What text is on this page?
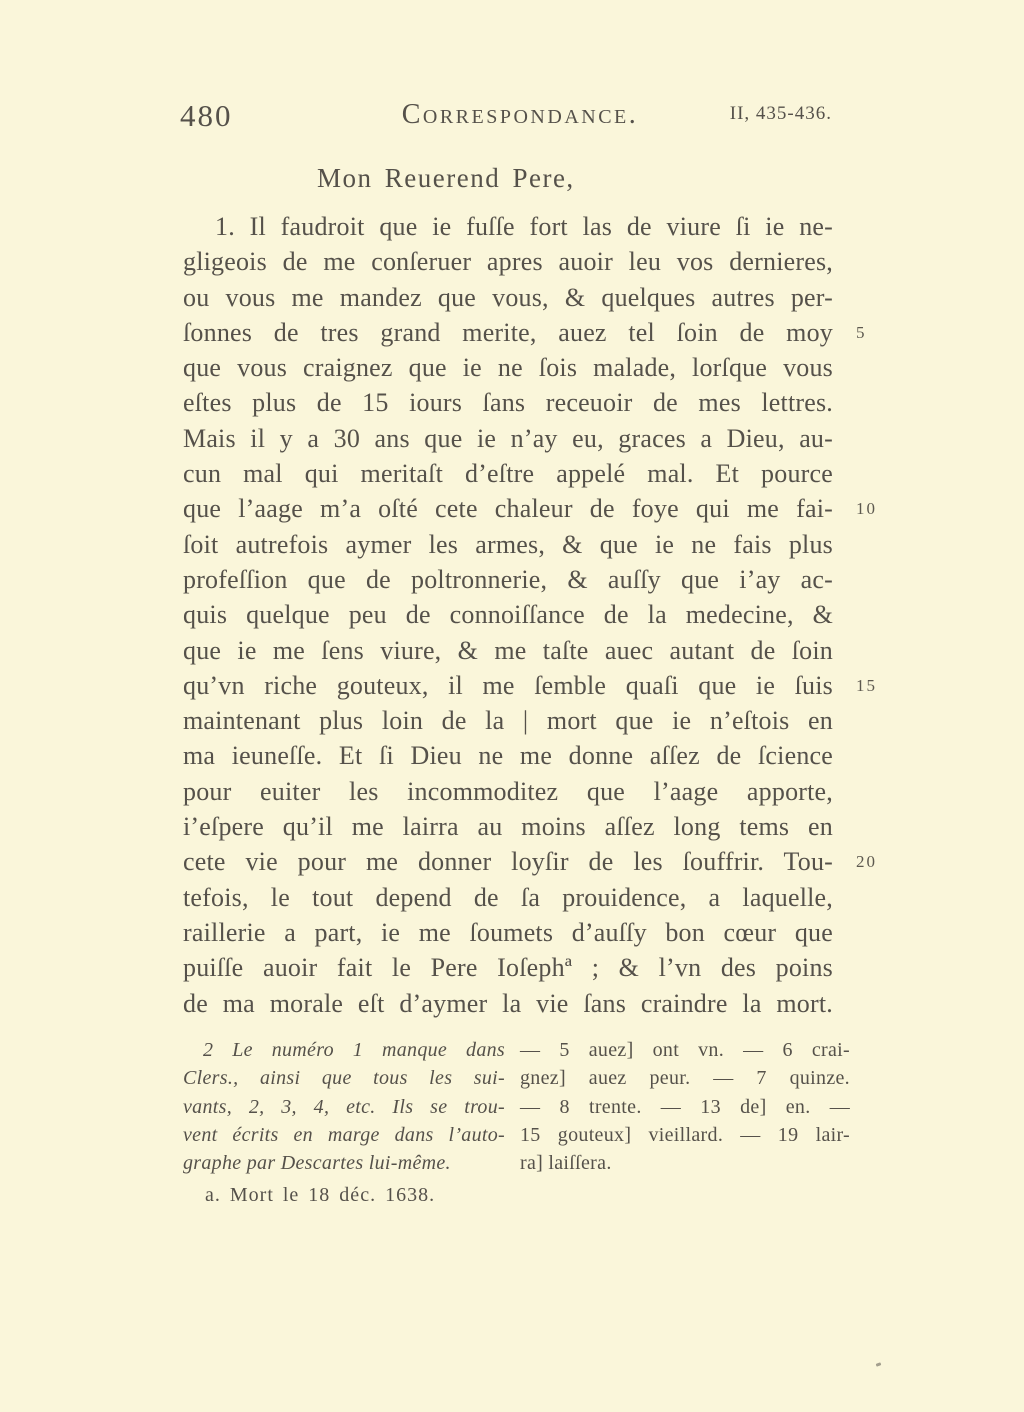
480	Correspondance.	II, 435-436.
Mon Reuerend Pere,
1. Il faudroit que ie fuſſe fort las de viure ſi ie ne-
gligeois de me conſeruer apres auoir leu vos dernieres,
ou vous me mandez que vous, & quelques autres per-
ſonnes de tres grand merite, auez tel ſoin de moy 5
que vous craignez que ie ne ſois malade, lorſque vous
eſtes plus de 15 iours ſans receuoir de mes lettres.
Mais il y a 30 ans que ie n’ay eu, graces a Dieu, au-
cun mal qui meritaſt d’eſtre appelé mal. Et pource
que l’aage m’a oſté cete chaleur de foye qui me fai- 10
ſoit autrefois aymer les armes, & que ie ne fais plus
profeſſion que de poltronnerie, & auſſy que i’ay ac-
quis quelque peu de connoiſſance de la medecine, &
que ie me ſens viure, & me taſte auec autant de ſoin
qu’vn riche gouteux, il me ſemble quaſi que ie ſuis 15
maintenant plus loin de la | mort que ie n’eſtois en
ma ieuneſſe. Et ſi Dieu ne me donne aſſez de ſcience
pour euiter les incommoditez que l’aage apporte,
i’eſpere qu’il me lairra au moins aſſez long tems en
cete vie pour me donner loyſir de les ſouffrir. Tou- 20
tefois, le tout depend de ſa prouidence, a laquelle,
raillerie a part, ie me ſoumets d’auſſy bon cœur que
puiſſe auoir fait le Pere Ioſephª ; & l’vn des poins
de ma morale eſt d’aymer la vie ſans craindre la mort.
2 Le numéro 1 manque dans
Clers., ainsi que tous les sui-
vants, 2, 3, 4, etc. Ils se trou-
vent écrits en marge dans l’auto-
graphe par Descartes lui-même.
— 5 auez] ont vn. — 6 crai-
gnez] auez peur. — 7 quinze.
— 8 trente. — 13 de] en. —
15 gouteux] vieillard. — 19 lair-
ra] laiſſera.
a. Mort le 18 déc. 1638.
